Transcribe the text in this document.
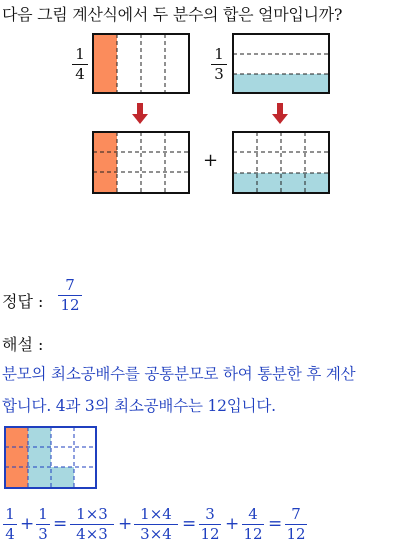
다음 그림 계산식에서 두 분수의 합은 얼마입니까?
1
4
1
3
+
정답 :
7
12
해설 :
분모의 최소공배수를 공통분모로 하여 통분한 후 계산
합니다. 4과 3의 최소공배수는 12입니다.
1
4 + 1
3 = 1×3
4×3 + 1×4
3×4 = 3
12 + 4
12 = 7
12
